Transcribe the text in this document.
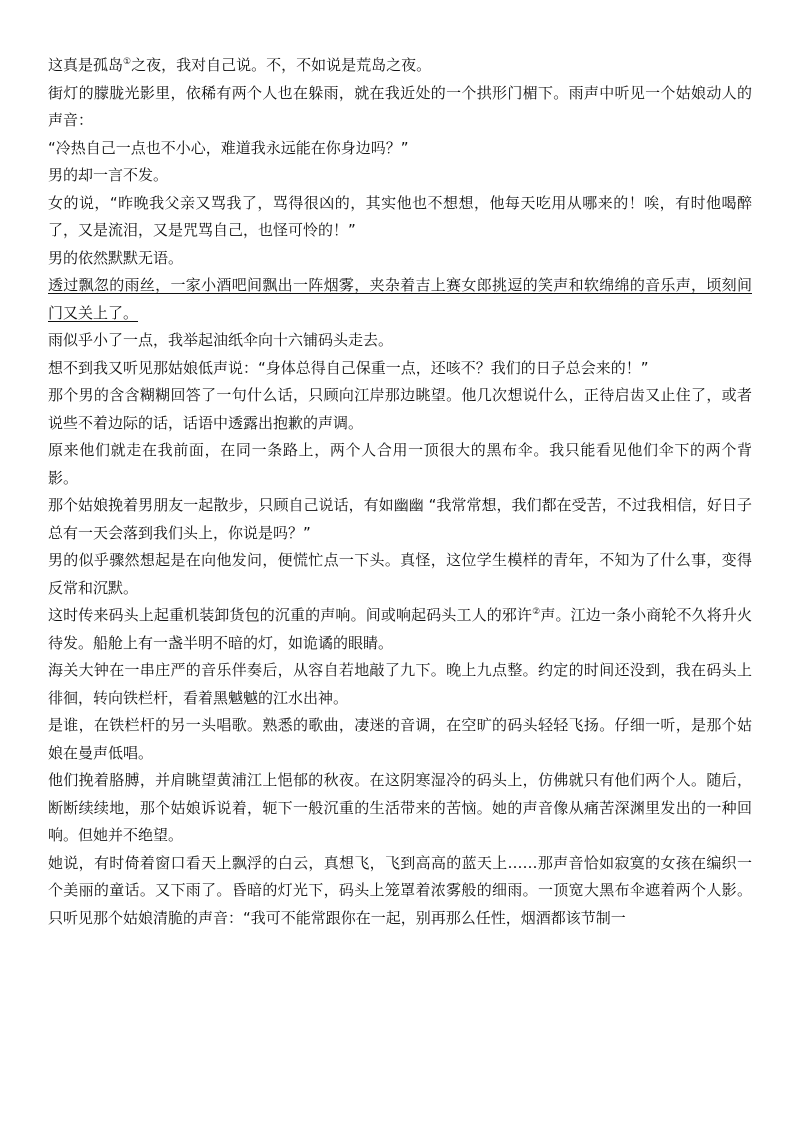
这真是孤岛①之夜，我对自己说。不，不如说是荒岛之夜。

街灯的朦胧光影里，依稀有两个人也在躲雨，就在我近处的一个拱形门楣下。雨声中听见一个姑娘动人的声音：

“冷热自己一点也不小心，难道我永远能在你身边吗？”

男的却一言不发。

女的说，“昨晚我父亲又骂我了，骂得很凶的，其实他也不想想，他每天吃用从哪来的！唉，有时他喝醉了，又是流泪，又是咒骂自己，也怪可怜的！”

男的依然默默无语。

透过飘忽的雨丝，一家小酒吧间飘出一阵烟雾，夹杂着吉上赛女郎挑逗的笑声和软绵绵的音乐声，顷刻间门又关上了。

雨似乎小了一点，我举起油纸伞向十六铺码头走去。

想不到我又听见那姑娘低声说：“身体总得自己保重一点，还咳不？我们的日子总会来的！”

那个男的含含糊糊回答了一句什么话，只顾向江岸那边眺望。他几次想说什么，正待启齿又止住了，或者说些不着边际的话，话语中透露出抱歉的声调。

原来他们就走在我前面，在同一条路上，两个人合用一顶很大的黑布伞。我只能看见他们伞下的两个背影。

那个姑娘挽着男朋友一起散步，只顾自己说话，有如幽幽 “我常常想，我们都在受苦，不过我相信，好日子总有一天会落到我们头上，你说是吗？”

男的似乎骤然想起是在向他发问，便慌忙点一下头。真怪，这位学生模样的青年，不知为了什么事，变得反常和沉默。

这时传来码头上起重机装卸货包的沉重的声响。间或响起码头工人的邪许②声。江边一条小商轮不久将升火待发。船舱上有一盏半明不暗的灯，如诡谲的眼睛。

海关大钟在一串庄严的音乐伴奏后，从容自若地敲了九下。晚上九点整。约定的时间还没到，我在码头上徘徊，转向铁栏杆，看着黑魆魆的江水出神。

是谁，在铁栏杆的另一头唱歌。熟悉的歌曲，凄迷的音调，在空旷的码头轻轻飞扬。仔细一听，是那个姑娘在曼声低唱。

他们挽着胳膊，并肩眺望黄浦江上悒郁的秋夜。在这阴寒湿冷的码头上，仿佛就只有他们两个人。随后，断断续续地，那个姑娘诉说着，轭下一般沉重的生活带来的苦恼。她的声音像从痛苦深渊里发出的一种回响。但她并不绝望。

她说，有时倚着窗口看天上飘浮的白云，真想飞，飞到高高的蓝天上……那声音恰如寂寞的女孩在编织一个美丽的童话。又下雨了。昏暗的灯光下，码头上笼罩着浓雾般的细雨。一顶宽大黑布伞遮着两个人影。只听见那个姑娘清脆的声音：“我可不能常跟你在一起，别再那么任性，烟酒都该节制一
